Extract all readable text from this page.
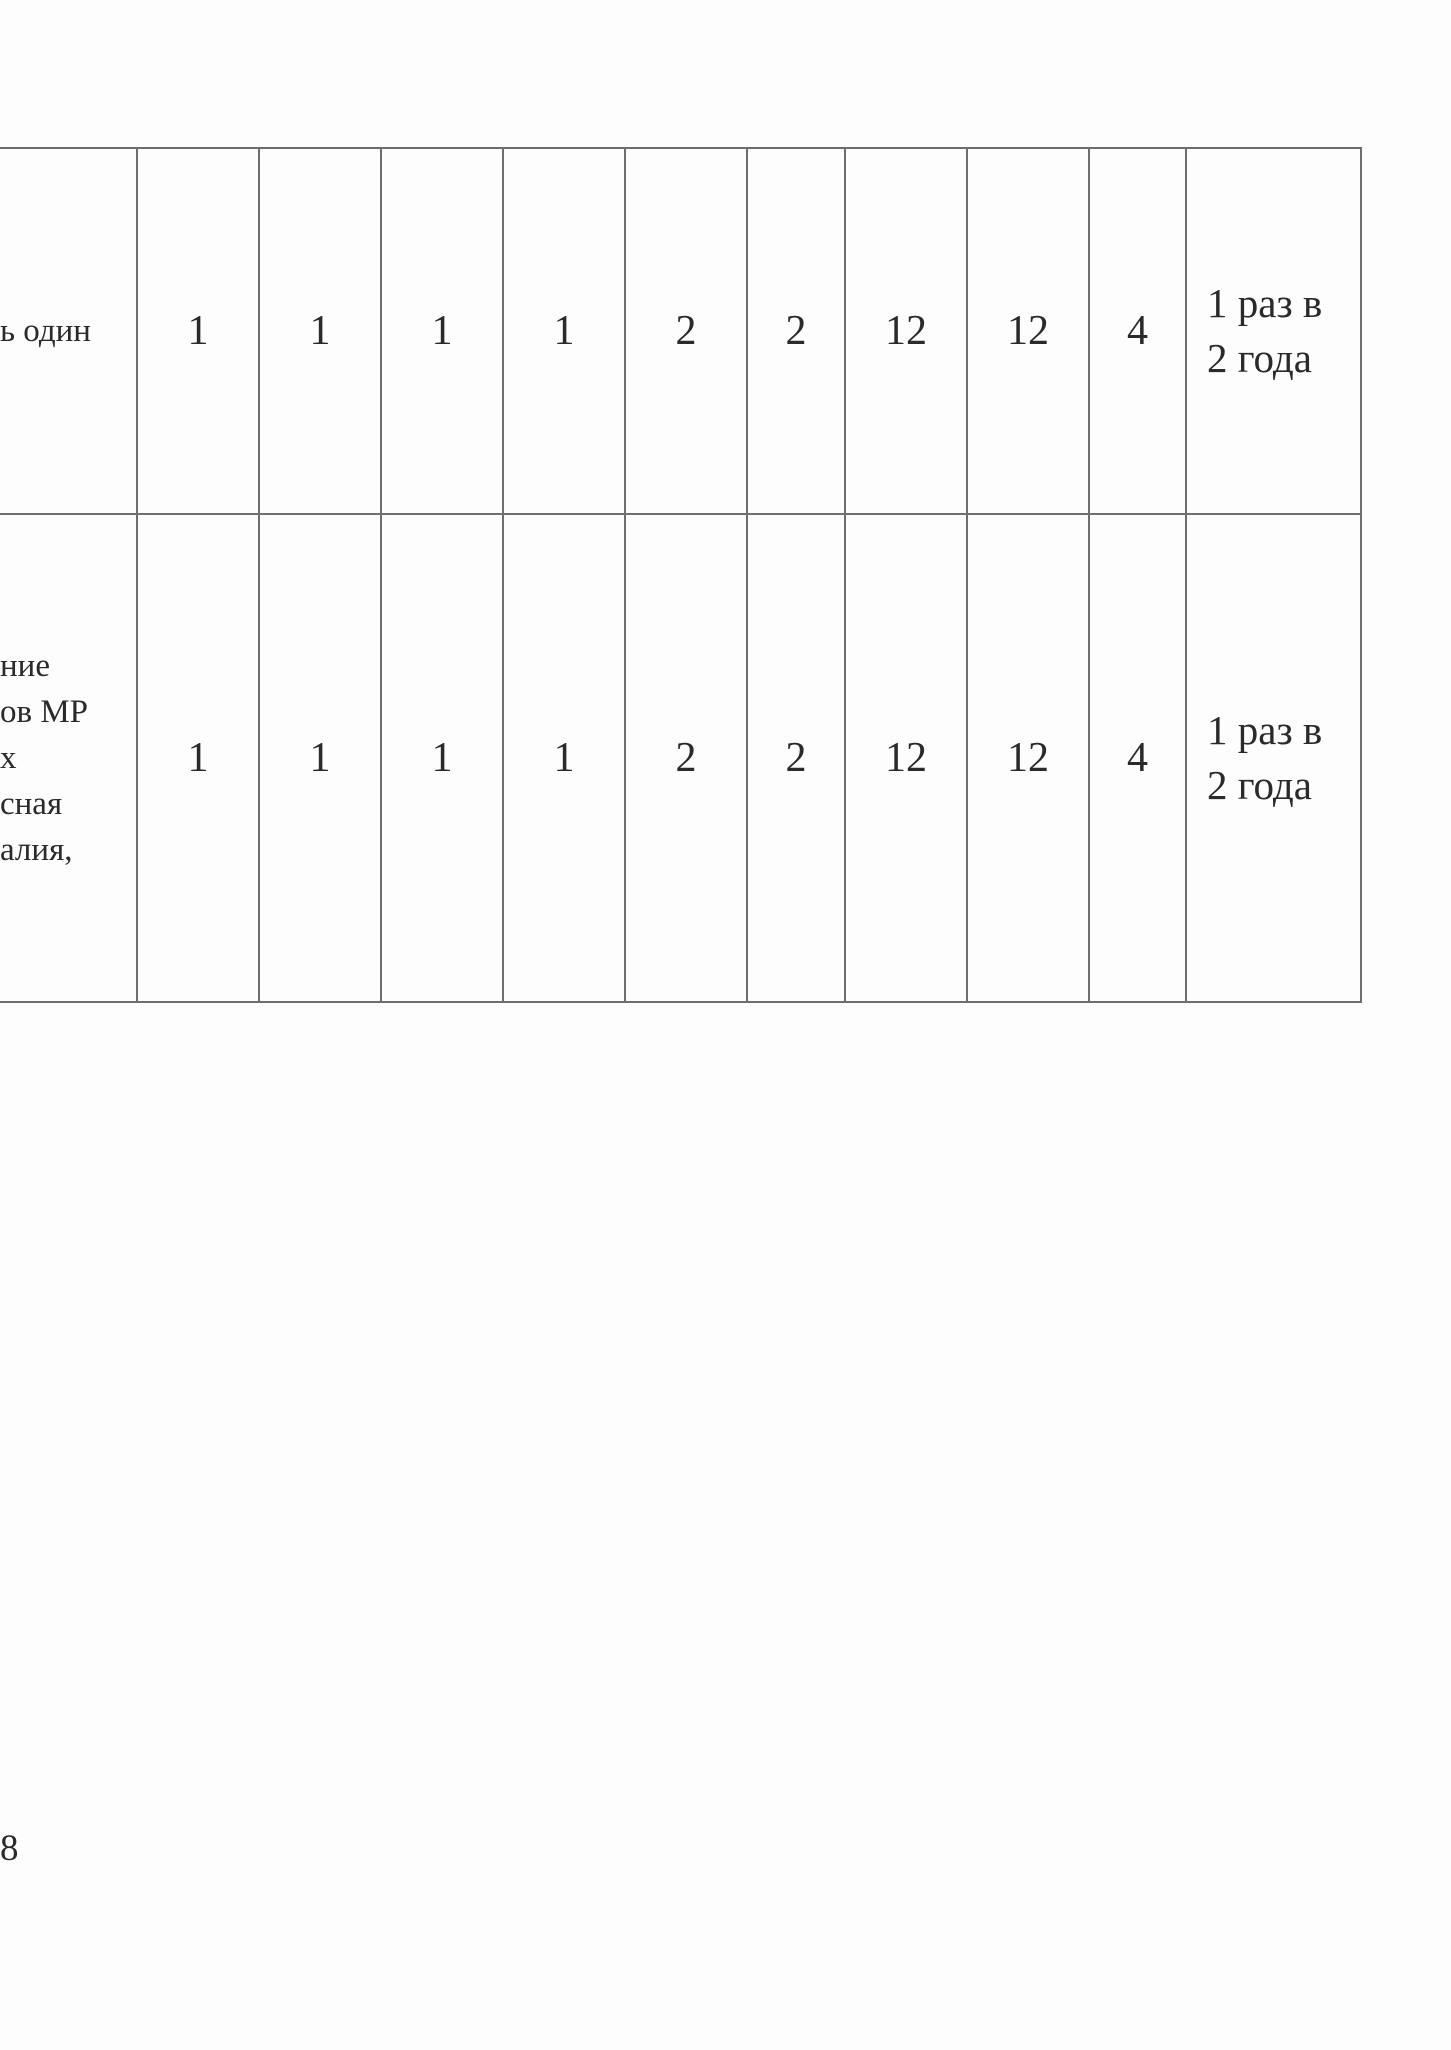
ь один	1	1	1	1	2	2	12	12	4	1 раз в
2 года

ние
ов МР
х
сная
алия,	1	1	1	1	2	2	12	12	4	1 раз в
2 года
8
